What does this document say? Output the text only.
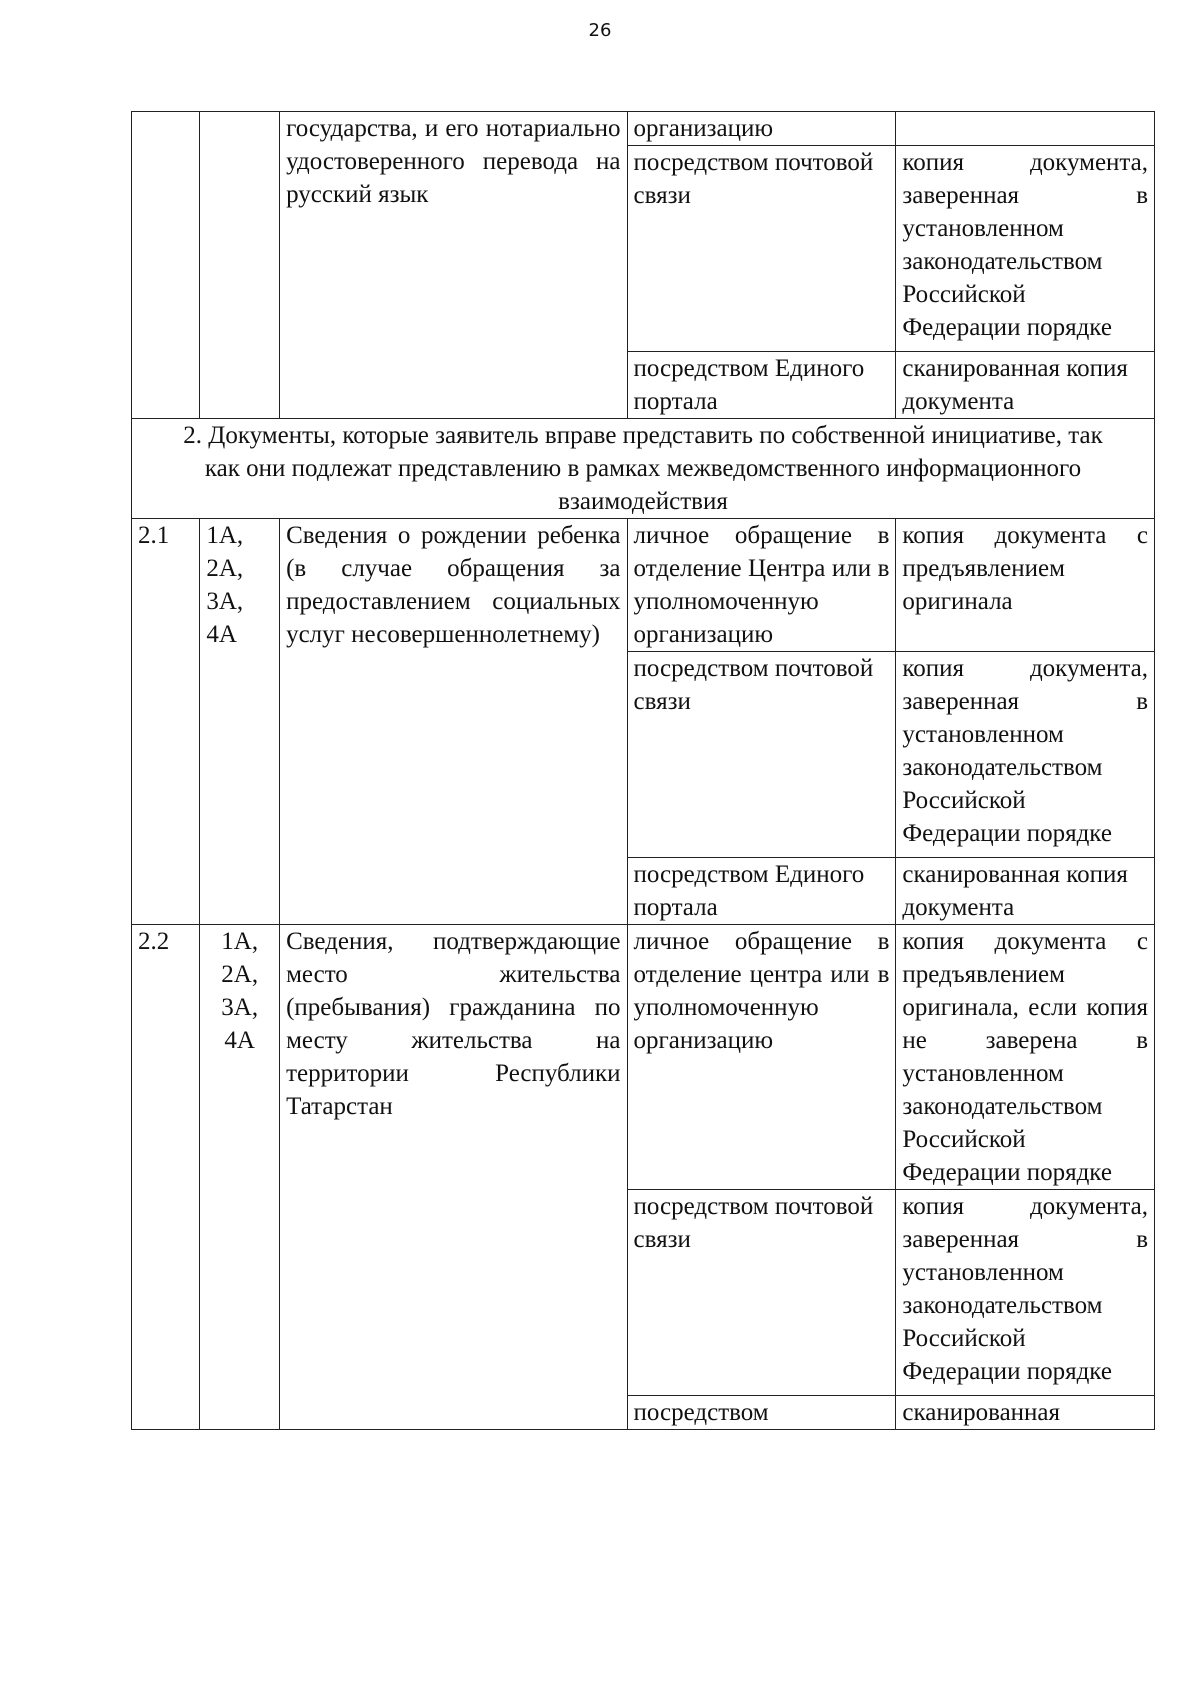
26
		государства, и его нотариально удостоверенного перевода на русский язык	организацию	
			посредством почтовой связи	копия документа, заверенная в установленном законодательством Российской Федерации порядке
			посредством Единого портала	сканированная копия документа
2. Документы, которые заявитель вправе представить по собственной инициативе, так как они подлежат представлению в рамках межведомственного информационного взаимодействия				
2.1	1А, 2А, 3А, 4А	Сведения о рождении ребенка (в случае обращения за предоставлением социальных услуг несовершеннолетнему)	личное обращение в отделение Центра или в уполномоченную организацию	копия документа с предъявлением оригинала
			посредством почтовой связи	копия документа, заверенная в установленном законодательством Российской Федерации порядке
			посредством Единого портала	сканированная копия документа
2.2	1А, 2А, 3А, 4А	Сведения, подтверждающие место жительства (пребывания) гражданина по месту жительства на территории Республики Татарстан	личное обращение в отделение центра или в уполномоченную организацию	копия документа с предъявлением оригинала, если копия не заверена в установленном законодательством Российской Федерации порядке
			посредством почтовой связи	копия документа, заверенная в установленном законодательством Российской Федерации порядке
			посредством	сканированная
